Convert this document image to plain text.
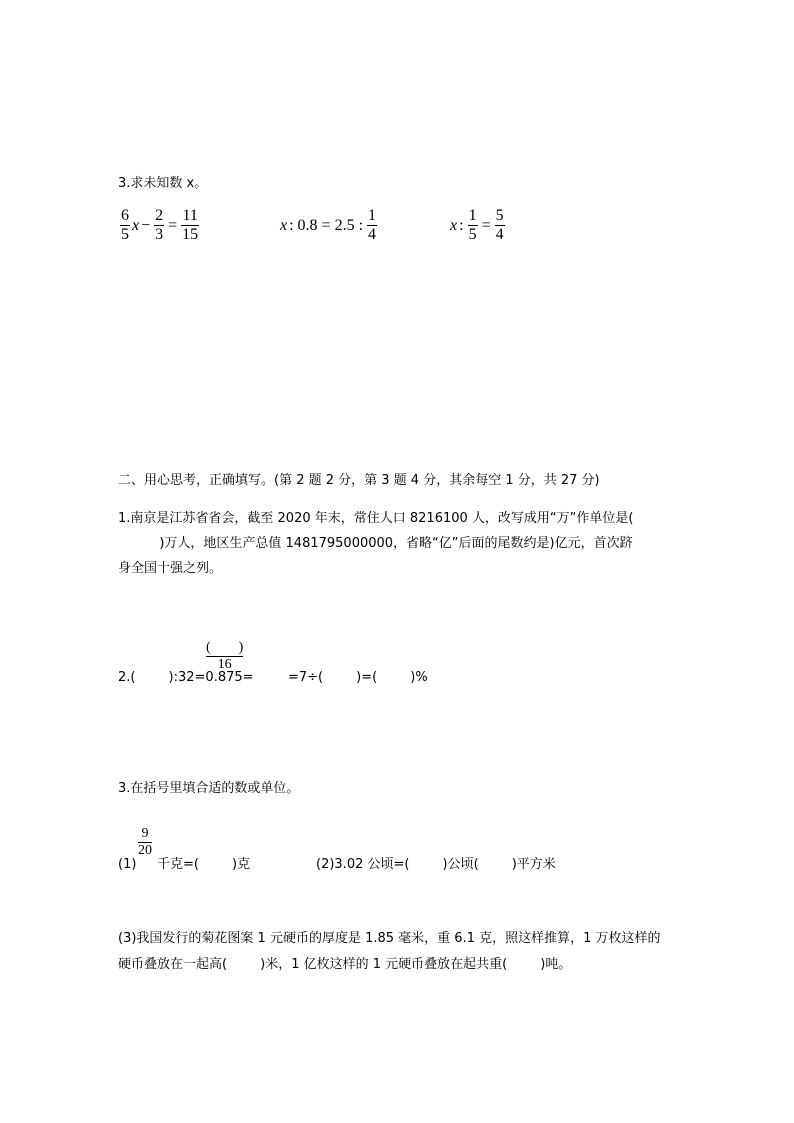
3.求未知数 x。
$\frac{6}{5}$ $x - \frac{2}{3} = \frac{11}{15}$	x : 0.8 = 2.5 : $\frac{1}{4}$	x : $\frac{1}{5} = \frac{5}{4}$
二、用心思考，正确填写。(第 2 题 2 分，第 3 题 4 分，其余每空 1 分，共 27 分)
1.南京是江苏省省会，截至 2020 年末，常住人口 8216100 人，改写成用“万”作单位是(
)万人，地区生产总值 1481795000000，省略“亿”后面的尾数约是)亿元，首次跻
身全国十强之列。
(        )
16
2.(        ):32=0.875=	=7÷(        )=(        )%
3.在括号里填合适的数或单位。
9
20
(1) 千克=(        )克	(2)3.02 公顷=(        )公顷(        )平方米
(3)我国发行的菊花图案 1 元硬币的厚度是 1.85 毫米，重 6.1 克，照这样推算，1 万枚这样的
硬币叠放在一起高(        )米，1 亿枚这样的 1 元硬币叠放在起共重(        )吨。
